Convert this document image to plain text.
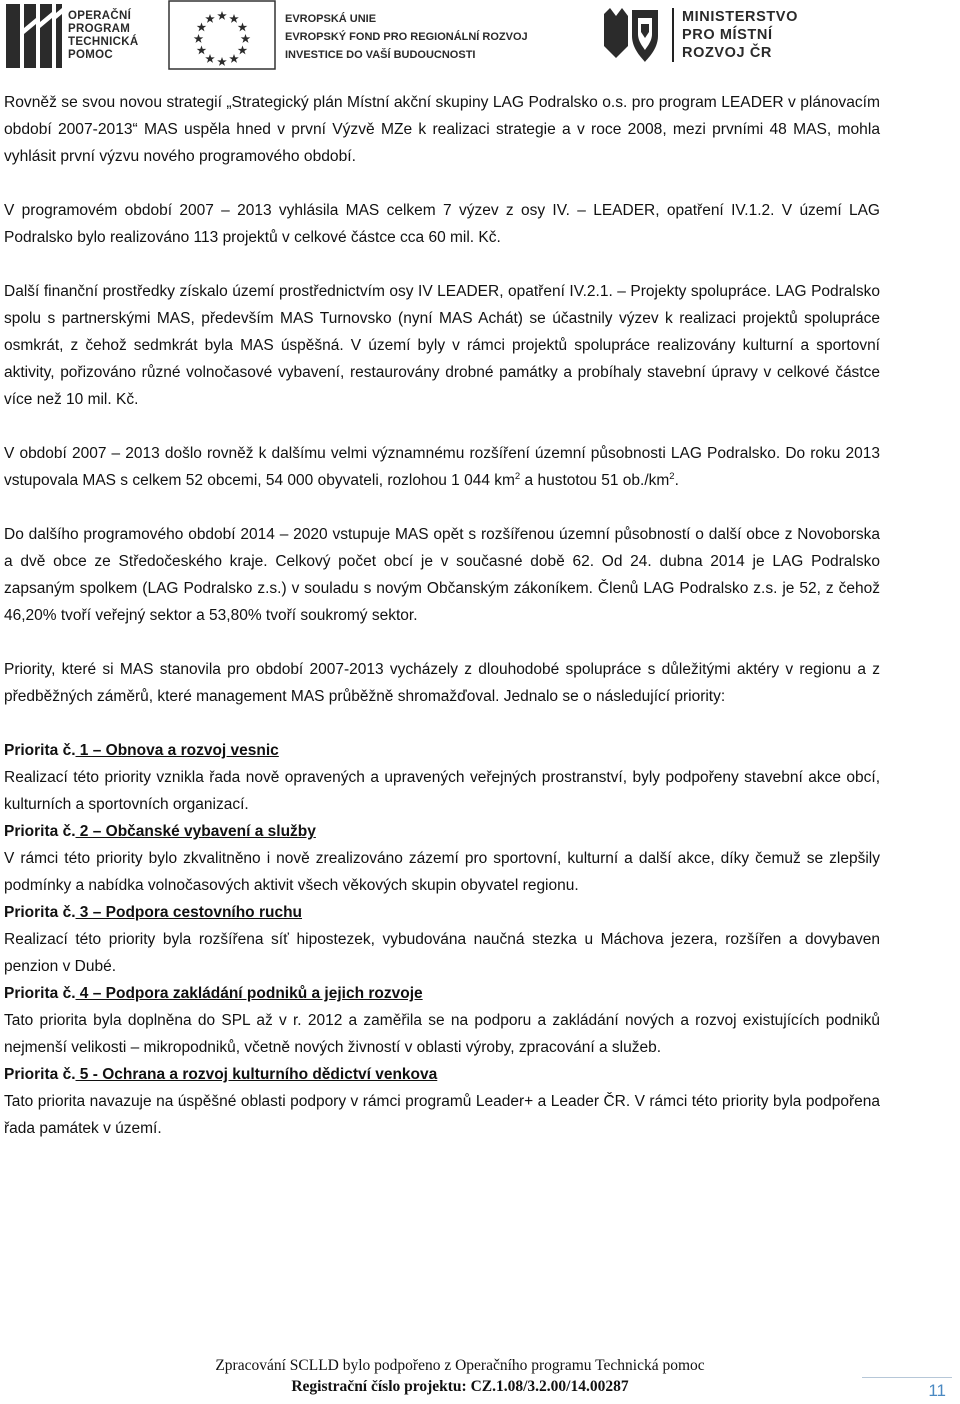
OPERAČNÍ
PROGRAM
TECHNICKÁ
POMOC
EVROPSKÁ UNIE
EVROPSKÝ FOND PRO REGIONÁLNÍ ROZVOJ
INVESTICE DO VAŠÍ BUDOUCNOSTI
MINISTERSTVO
PRO MÍSTNÍ
ROZVOJ ČR

Rovněž se svou novou strategií „Strategický plán Místní akční skupiny LAG Podralsko o.s. pro program LEADER v plánovacím období 2007-2013“ MAS uspěla hned v první Výzvě MZe k realizaci strategie a v roce 2008, mezi prvními 48 MAS, mohla vyhlásit první výzvu nového programového období.

V programovém období 2007 – 2013 vyhlásila MAS celkem 7 výzev z osy IV. – LEADER, opatření IV.1.2. V území LAG Podralsko bylo realizováno 113 projektů v celkové částce cca 60 mil. Kč.

Další finanční prostředky získalo území prostřednictvím osy IV LEADER, opatření IV.2.1. – Projekty spolupráce. LAG Podralsko spolu s partnerskými MAS, především MAS Turnovsko (nyní MAS Achát) se účastnily výzev k realizaci projektů spolupráce osmkrát, z čehož sedmkrát byla MAS úspěšná. V území byly v rámci projektů spolupráce realizovány kulturní a sportovní aktivity, pořizováno různé volnočasové vybavení, restaurovány drobné památky a probíhaly stavební úpravy v celkové částce více než 10 mil. Kč.

V období 2007 – 2013 došlo rovněž k dalšímu velmi významnému rozšíření územní působnosti LAG Podralsko. Do roku 2013 vstupovala MAS s celkem 52 obcemi, 54 000 obyvateli, rozlohou 1 044 $km^2$ a hustotou 51 $ob./km^2$.

Do dalšího programového období 2014 – 2020 vstupuje MAS opět s rozšířenou územní působností o další obce z Novoborska a dvě obce ze Středočeského kraje. Celkový počet obcí je v současné době 62. Od 24. dubna 2014 je LAG Podralsko zapsaným spolkem (LAG Podralsko z.s.) v souladu s novým Občanským zákoníkem. Členů LAG Podralsko z.s. je 52, z čehož 46,20% tvoří veřejný sektor a 53,80% tvoří soukromý sektor.

Priority, které si MAS stanovila pro období 2007-2013 vycházely z dlouhodobé spolupráce s důležitými aktéry v regionu a z předběžných záměrů, které management MAS průběžně shromažďoval. Jednalo se o následující priority:

Priorita č. 1 – Obnova a rozvoj vesnic

Realizací této priority vznikla řada nově opravených a upravených veřejných prostranství, byly podpořeny stavební akce obcí, kulturních a sportovních organizací.

Priorita č. 2 – Občanské vybavení a služby

V rámci této priority bylo zkvalitněno i nově zrealizováno zázemí pro sportovní, kulturní a další akce, díky čemuž se zlepšily podmínky a nabídka volnočasových aktivit všech věkových skupin obyvatel regionu.

Priorita č. 3 – Podpora cestovního ruchu

Realizací této priority byla rozšířena síť hipostezek, vybudována naučná stezka u Máchova jezera, rozšířen a dovybaven penzion v Dubé.

Priorita č. 4 – Podpora zakládání podniků a jejich rozvoje

Tato priorita byla doplněna do SPL až v r. 2012 a zaměřila se na podporu a zakládání nových a rozvoj existujících podniků nejmenší velikosti – mikropodniků, včetně nových živností v oblasti výroby, zpracování a služeb.

Priorita č. 5 - Ochrana a rozvoj kulturního dědictví venkova

Tato priorita navazuje na úspěšné oblasti podpory v rámci programů Leader+ a Leader ČR. V rámci této priority byla podpořena řada památek v území.

Zpracování SCLLD bylo podpořeno z Operačního programu Technická pomoc
Registrační číslo projektu: CZ.1.08/3.2.00/14.00287	11
